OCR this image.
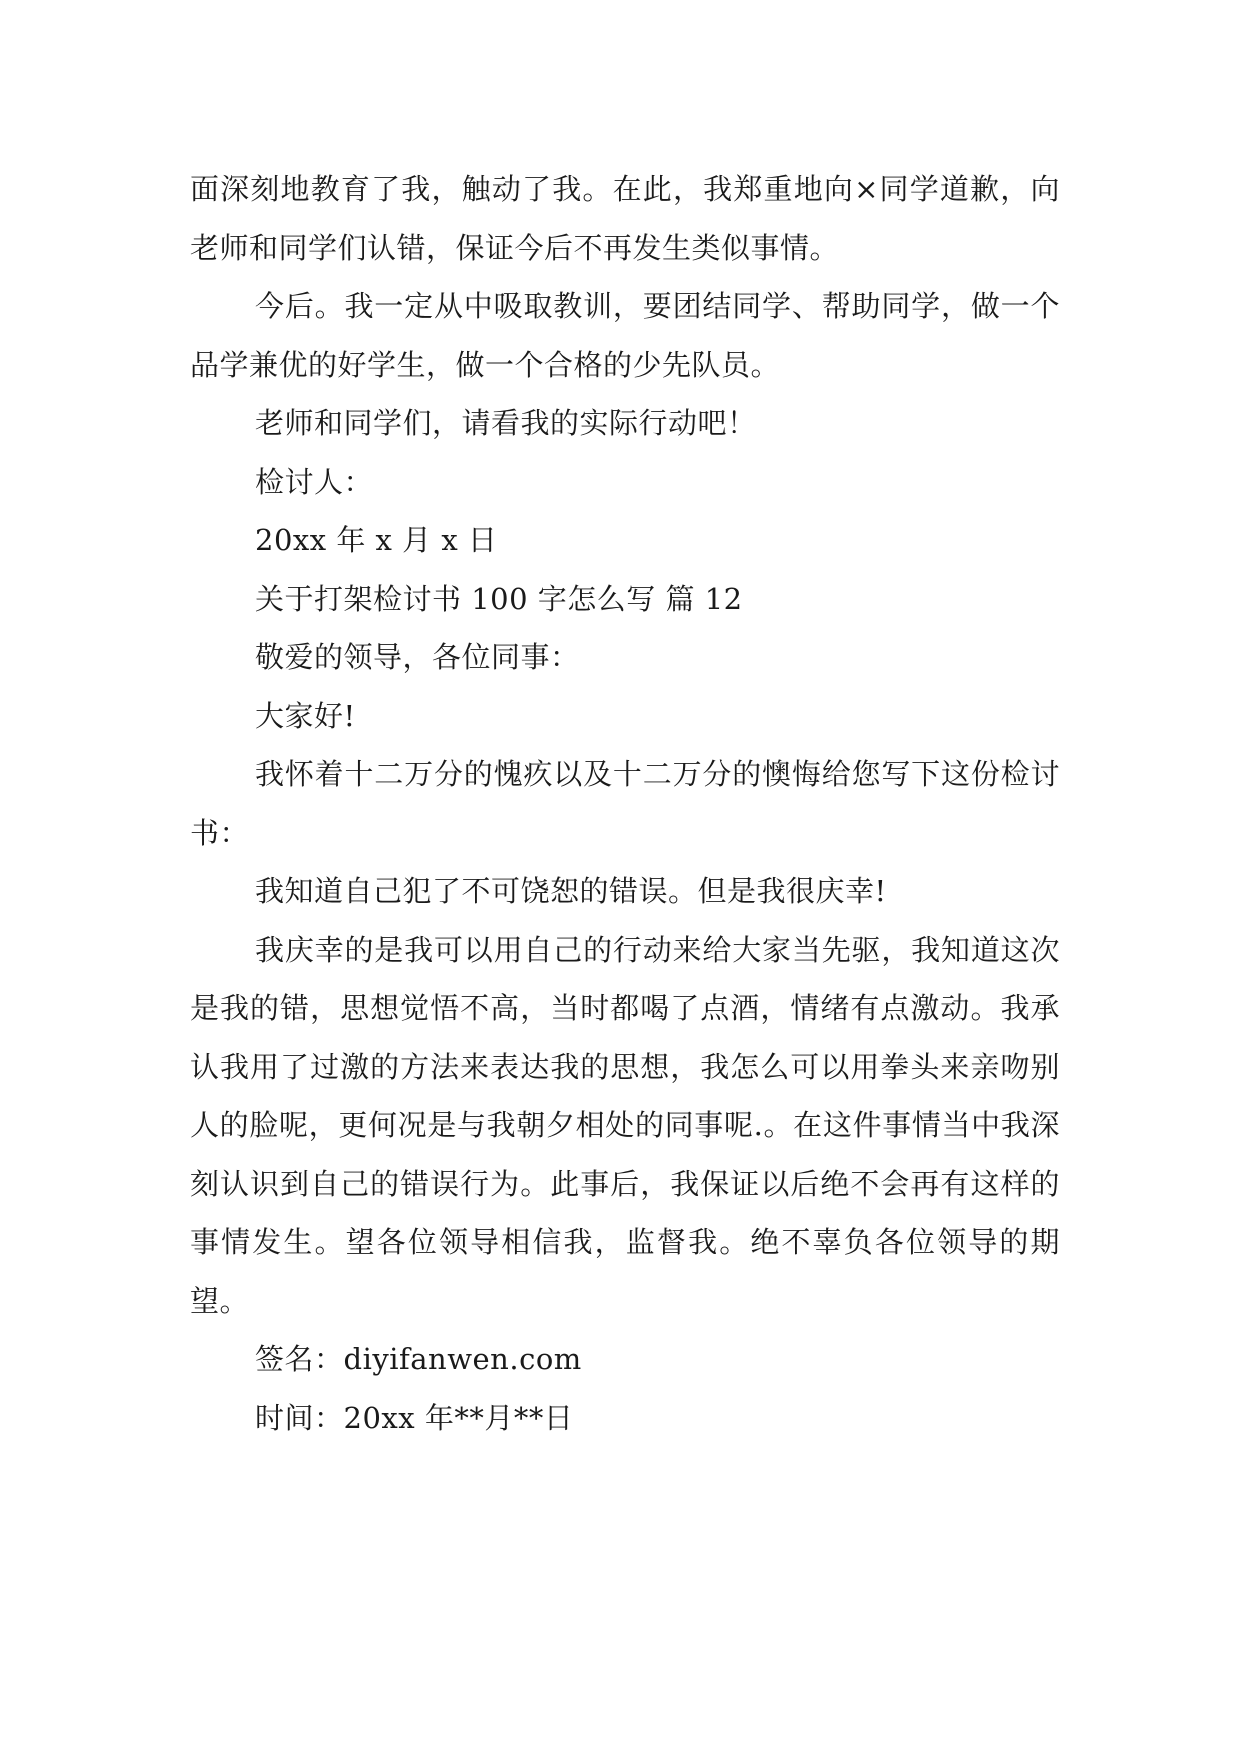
面深刻地教育了我，触动了我。在此，我郑重地向×同学道歉，向老师和同学们认错，保证今后不再发生类似事情。

今后。我一定从中吸取教训，要团结同学、帮助同学，做一个品学兼优的好学生，做一个合格的少先队员。

老师和同学们，请看我的实际行动吧！

检讨人：

20xx 年 x 月 x 日

关于打架检讨书 100 字怎么写 篇 12

敬爱的领导，各位同事：

大家好!

我怀着十二万分的愧疚以及十二万分的懊悔给您写下这份检讨书：

我知道自己犯了不可饶恕的错误。但是我很庆幸!

我庆幸的是我可以用自己的行动来给大家当先驱，我知道这次是我的错，思想觉悟不高，当时都喝了点酒，情绪有点激动。我承认我用了过激的方法来表达我的思想，我怎么可以用拳头来亲吻别人的脸呢，更何况是与我朝夕相处的同事呢.。在这件事情当中我深刻认识到自己的错误行为。此事后，我保证以后绝不会再有这样的事情发生。望各位领导相信我，监督我。绝不辜负各位领导的期望。

签名：diyifanwen.com

时间：20xx 年**月**日
